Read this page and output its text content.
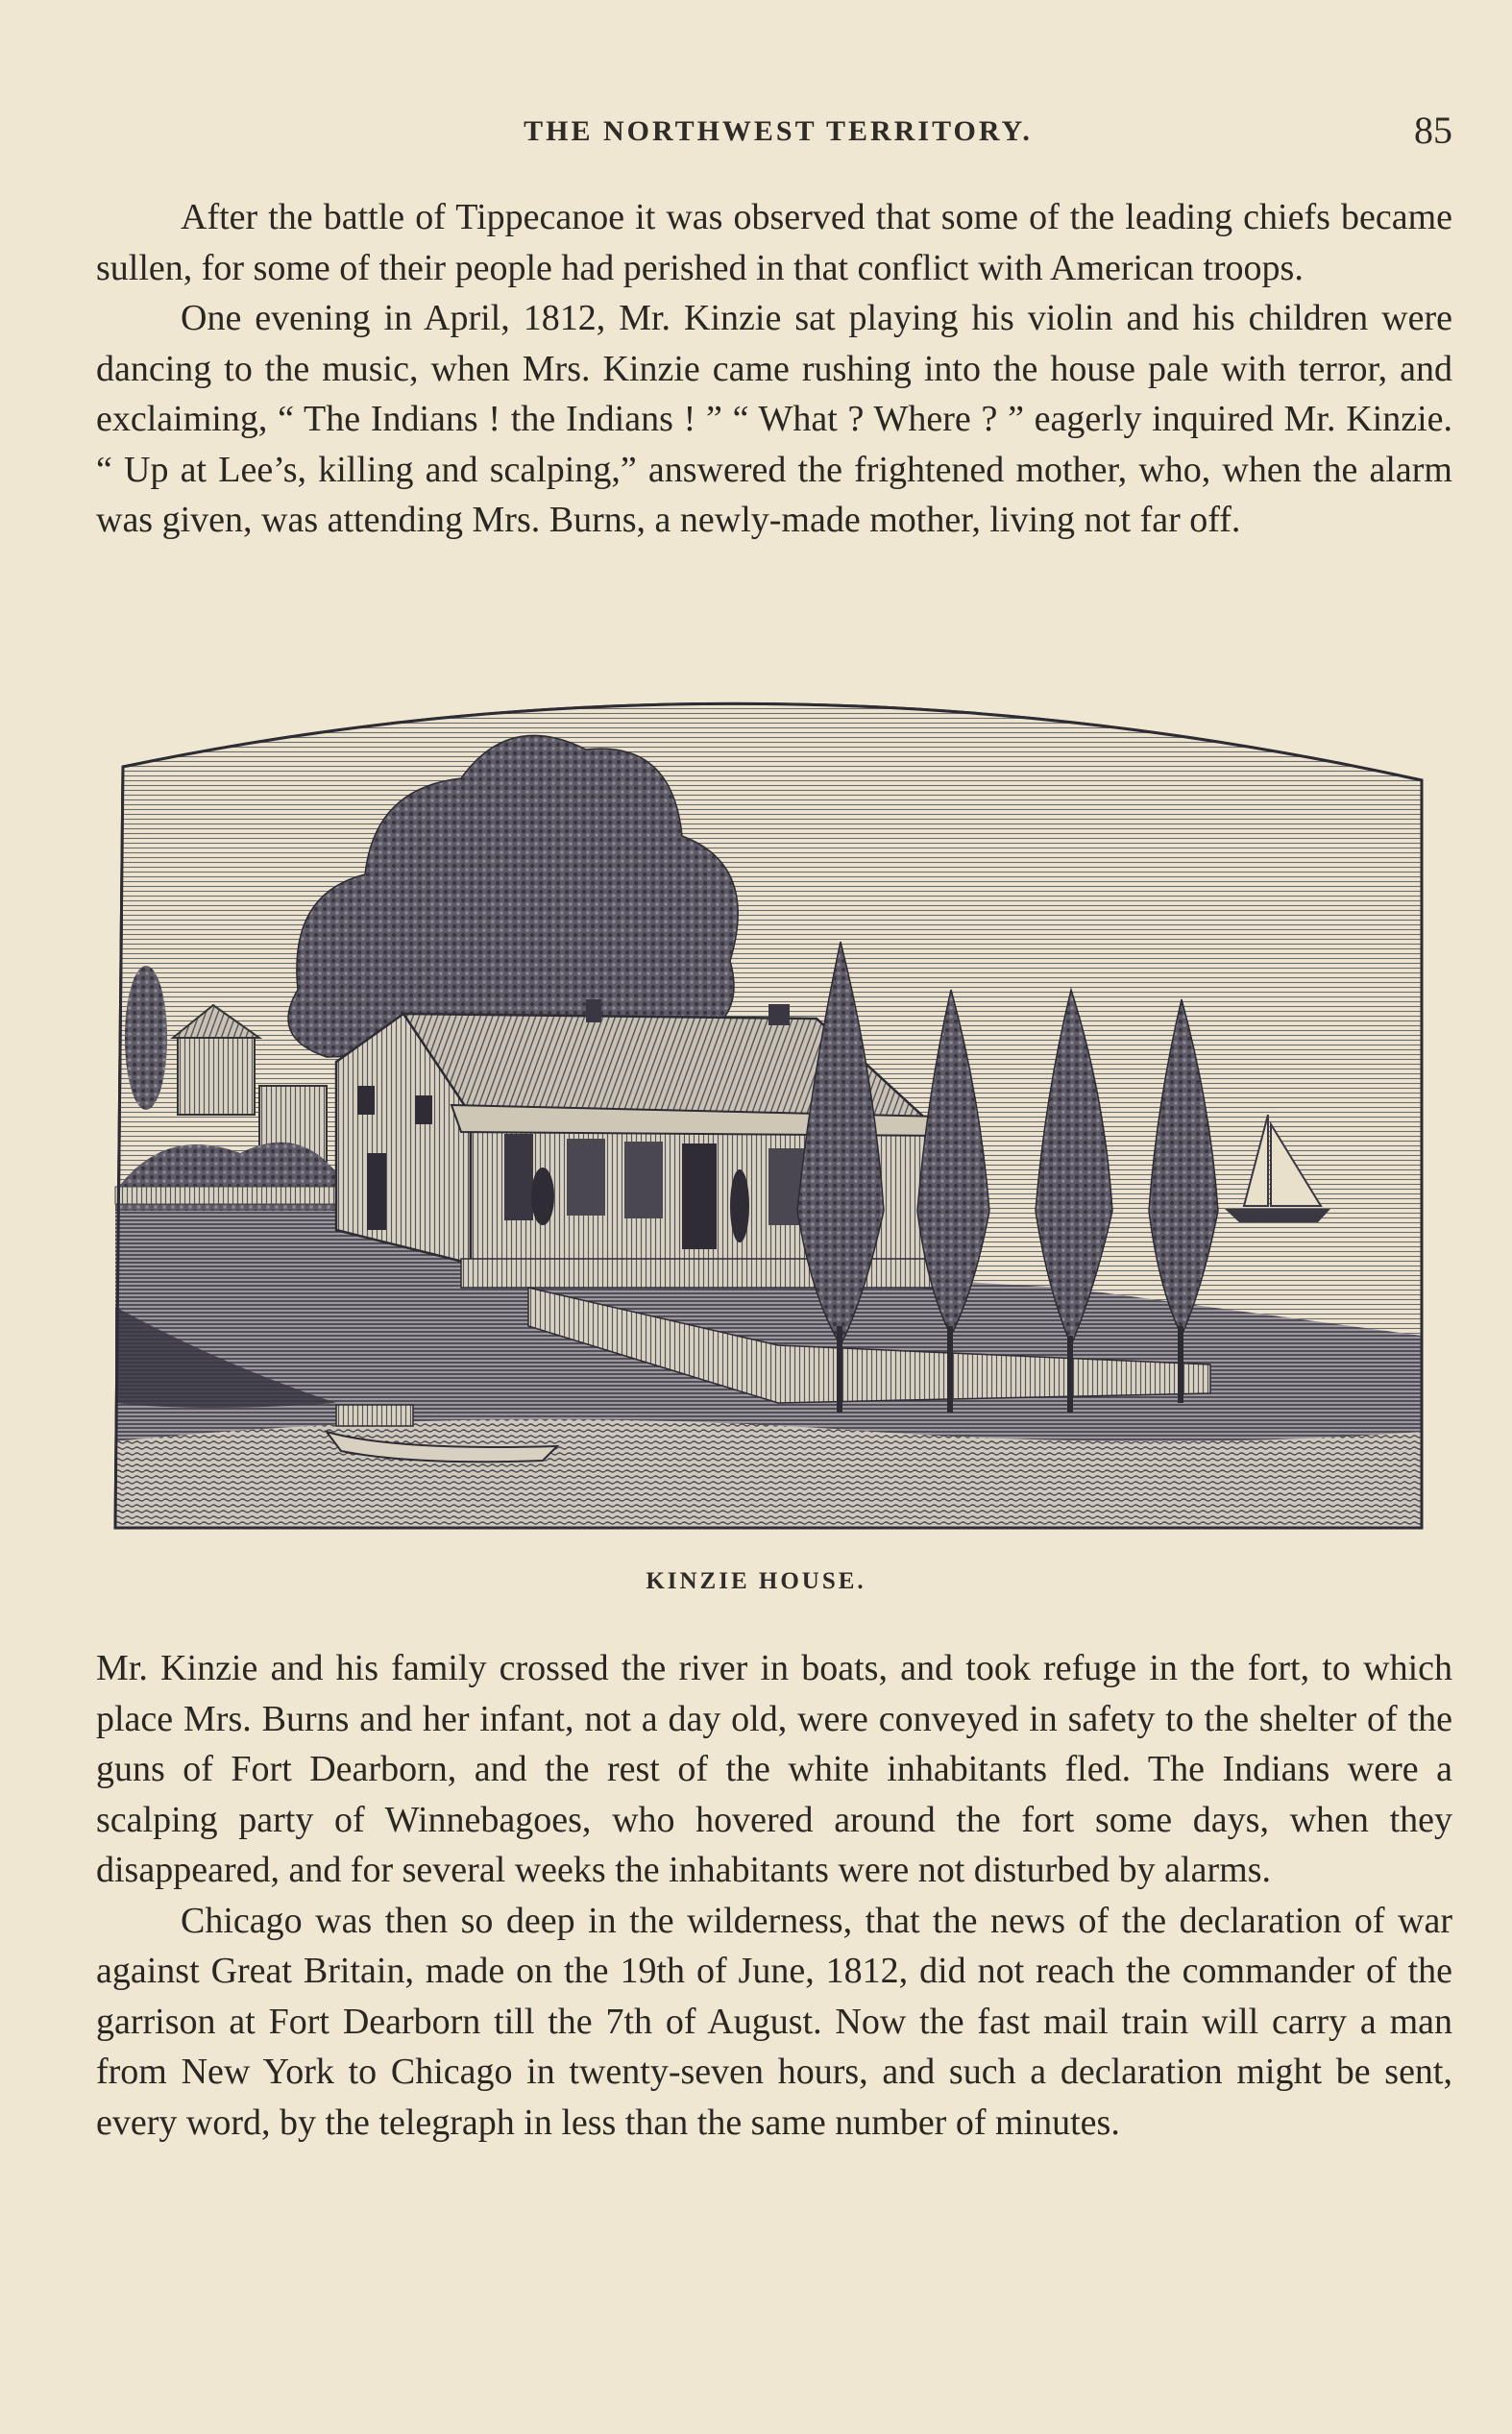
THE NORTHWEST TERRITORY.	85

After the battle of Tippecanoe it was observed that some of the leading chiefs became sullen, for some of their people had perished in that conflict with American troops.

One evening in April, 1812, Mr. Kinzie sat playing his violin and his children were dancing to the music, when Mrs. Kinzie came rushing into the house pale with terror, and exclaiming, “ The Indians ! the Indians ! ” “ What ? Where ? ” eagerly inquired Mr. Kinzie. “ Up at Lee’s, killing and scalping,” answered the frightened mother, who, when the alarm was given, was attending Mrs. Burns, a newly-made mother, living not far off.

KINZIE HOUSE.

Mr. Kinzie and his family crossed the river in boats, and took refuge in the fort, to which place Mrs. Burns and her infant, not a day old, were conveyed in safety to the shelter of the guns of Fort Dearborn, and the rest of the white inhabitants fled. The Indians were a scalping party of Winnebagoes, who hovered around the fort some days, when they disappeared, and for several weeks the inhabitants were not disturbed by alarms.

Chicago was then so deep in the wilderness, that the news of the declaration of war against Great Britain, made on the 19th of June, 1812, did not reach the commander of the garrison at Fort Dearborn till the 7th of August. Now the fast mail train will carry a man from New York to Chicago in twenty-seven hours, and such a declaration might be sent, every word, by the telegraph in less than the same number of minutes.
